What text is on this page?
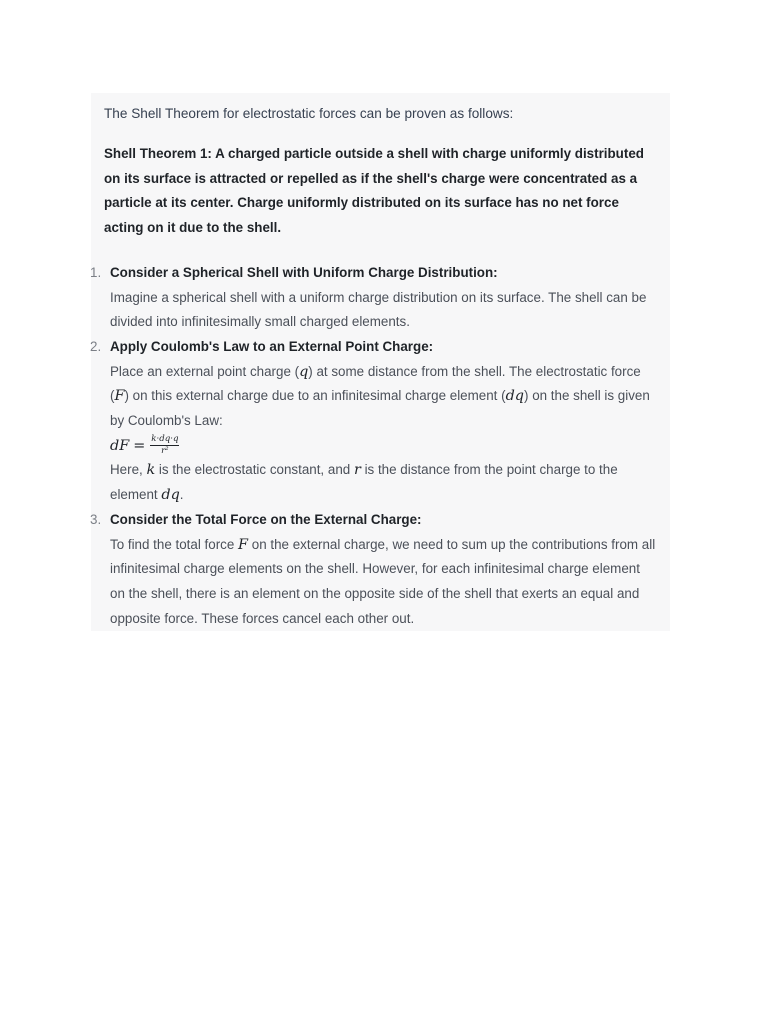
The Shell Theorem for electrostatic forces can be proven as follows:

Shell Theorem 1: A charged particle outside a shell with charge uniformly distributed on its surface is attracted or repelled as if the shell's charge were concentrated as a particle at its center. Charge uniformly distributed on its surface has no net force acting on it due to the shell.

1. Consider a Spherical Shell with Uniform Charge Distribution:
Imagine a spherical shell with a uniform charge distribution on its surface. The shell can be divided into infinitesimally small charged elements.
2. Apply Coulomb's Law to an External Point Charge:
Place an external point charge (q) at some distance from the shell. The electrostatic force (F) on this external charge due to an infinitesimal charge element (dq) on the shell is given by Coulomb's Law:
dF = $\frac{k\cdot dq\cdot q}{\text{r²}}$
Here, k is the electrostatic constant, and r is the distance from the point charge to the element dq.
3. Consider the Total Force on the External Charge:
To find the total force F on the external charge, we need to sum up the contributions from all infinitesimal charge elements on the shell. However, for each infinitesimal charge element on the shell, there is an element on the opposite side of the shell that exerts an equal and opposite force. These forces cancel each other out.
